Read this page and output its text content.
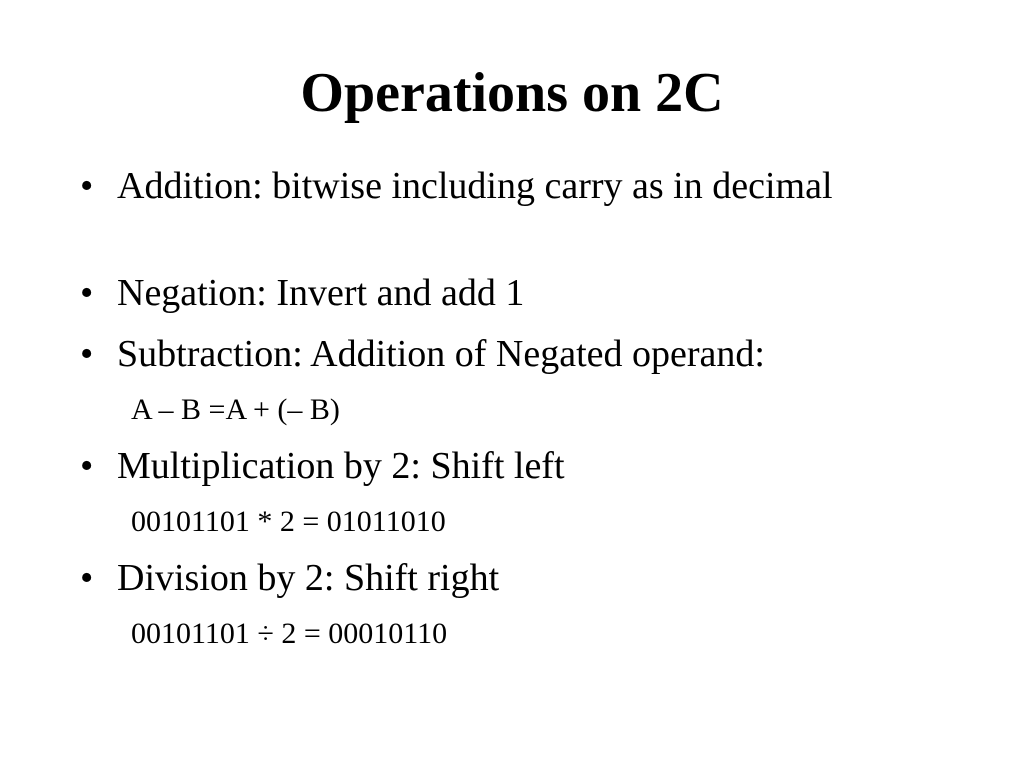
Operations on 2C
• Addition: bitwise including carry as in decimal
• Negation: Invert and add 1
• Subtraction: Addition of Negated operand:
A – B =A + (– B)
• Multiplication by 2: Shift left
00101101 * 2 = 01011010
• Division by 2: Shift right
00101101 ÷ 2 = 00010110
